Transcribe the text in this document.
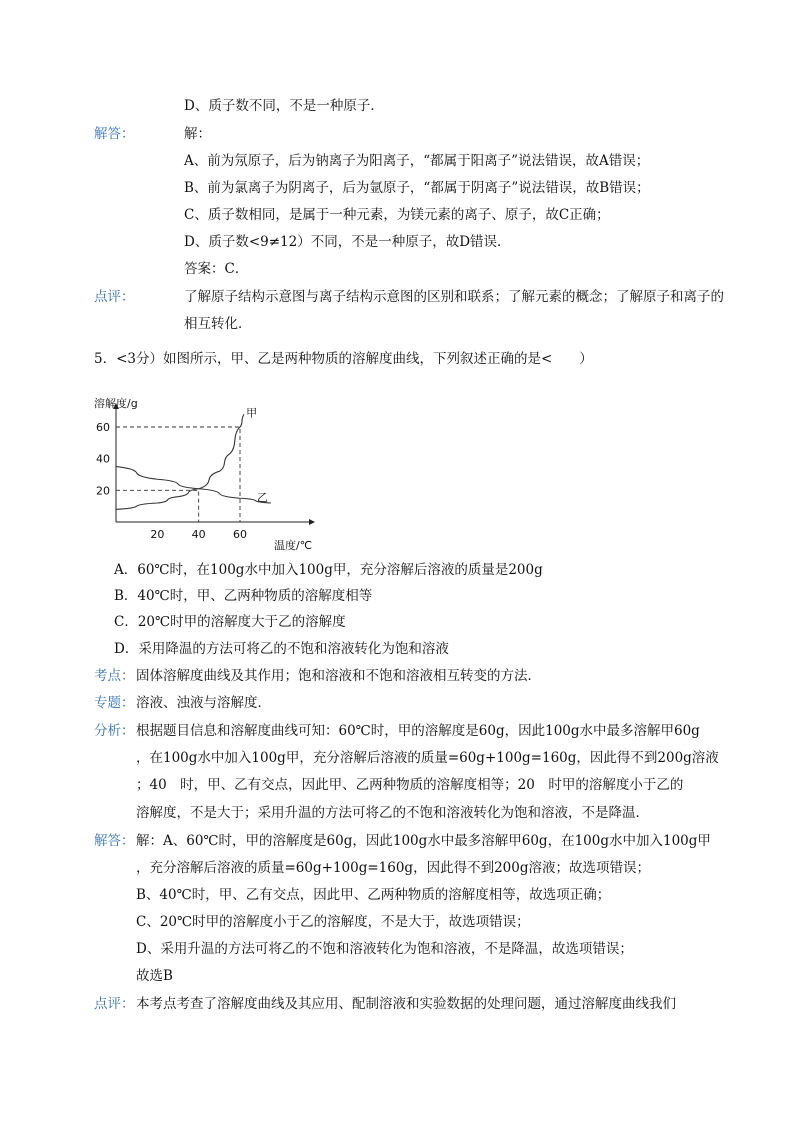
D、质子数不同，不是一种原子．
解答：	解：
A、前为氖原子，后为钠离子为阳离子，“都属于阳离子”说法错误，故A错误；
B、前为氯离子为阴离子，后为氩原子，“都属于阴离子”说法错误，故B错误；
C、质子数相同，是属于一种元素，为镁元素的离子、原子，故C正确；
D、质子数<9≠12）不同，不是一种原子，故D错误．
答案：C．
点评：	了解原子结构示意图与离子结构示意图的区别和联系；了解元素的概念；了解原子和离子的
相互转化．
5．<3分）如图所示，甲、乙是两种物质的溶解度曲线，下列叙述正确的是<　　）
溶解度/g
温度/℃
20
40
60
20 40 60
甲
乙
A．60℃时，在100g水中加入100g甲，充分溶解后溶液的质量是200g
B．40℃时，甲、乙两种物质的溶解度相等
C．20℃时甲的溶解度大于乙的溶解度
D．采用降温的方法可将乙的不饱和溶液转化为饱和溶液
考点： 固体溶解度曲线及其作用；饱和溶液和不饱和溶液相互转变的方法．
专题： 溶液、浊液与溶解度．
分析： 根据题目信息和溶解度曲线可知：60℃时，甲的溶解度是60g，因此100g水中最多溶解甲60g
，在100g水中加入100g甲，充分溶解后溶液的质量=60g+100g=160g，因此得不到200g溶液
；40　时，甲、乙有交点，因此甲、乙两种物质的溶解度相等；20　时甲的溶解度小于乙的
溶解度，不是大于；采用升温的方法可将乙的不饱和溶液转化为饱和溶液，不是降温．
解答： 解：A、60℃时，甲的溶解度是60g，因此100g水中最多溶解甲60g，在100g水中加入100g甲
，充分溶解后溶液的质量=60g+100g=160g，因此得不到200g溶液；故选项错误；
B、40℃时，甲、乙有交点，因此甲、乙两种物质的溶解度相等，故选项正确；
C、20℃时甲的溶解度小于乙的溶解度，不是大于，故选项错误；
D、采用升温的方法可将乙的不饱和溶液转化为饱和溶液，不是降温，故选项错误；
故选B
点评： 本考点考查了溶解度曲线及其应用、配制溶液和实验数据的处理问题，通过溶解度曲线我们
